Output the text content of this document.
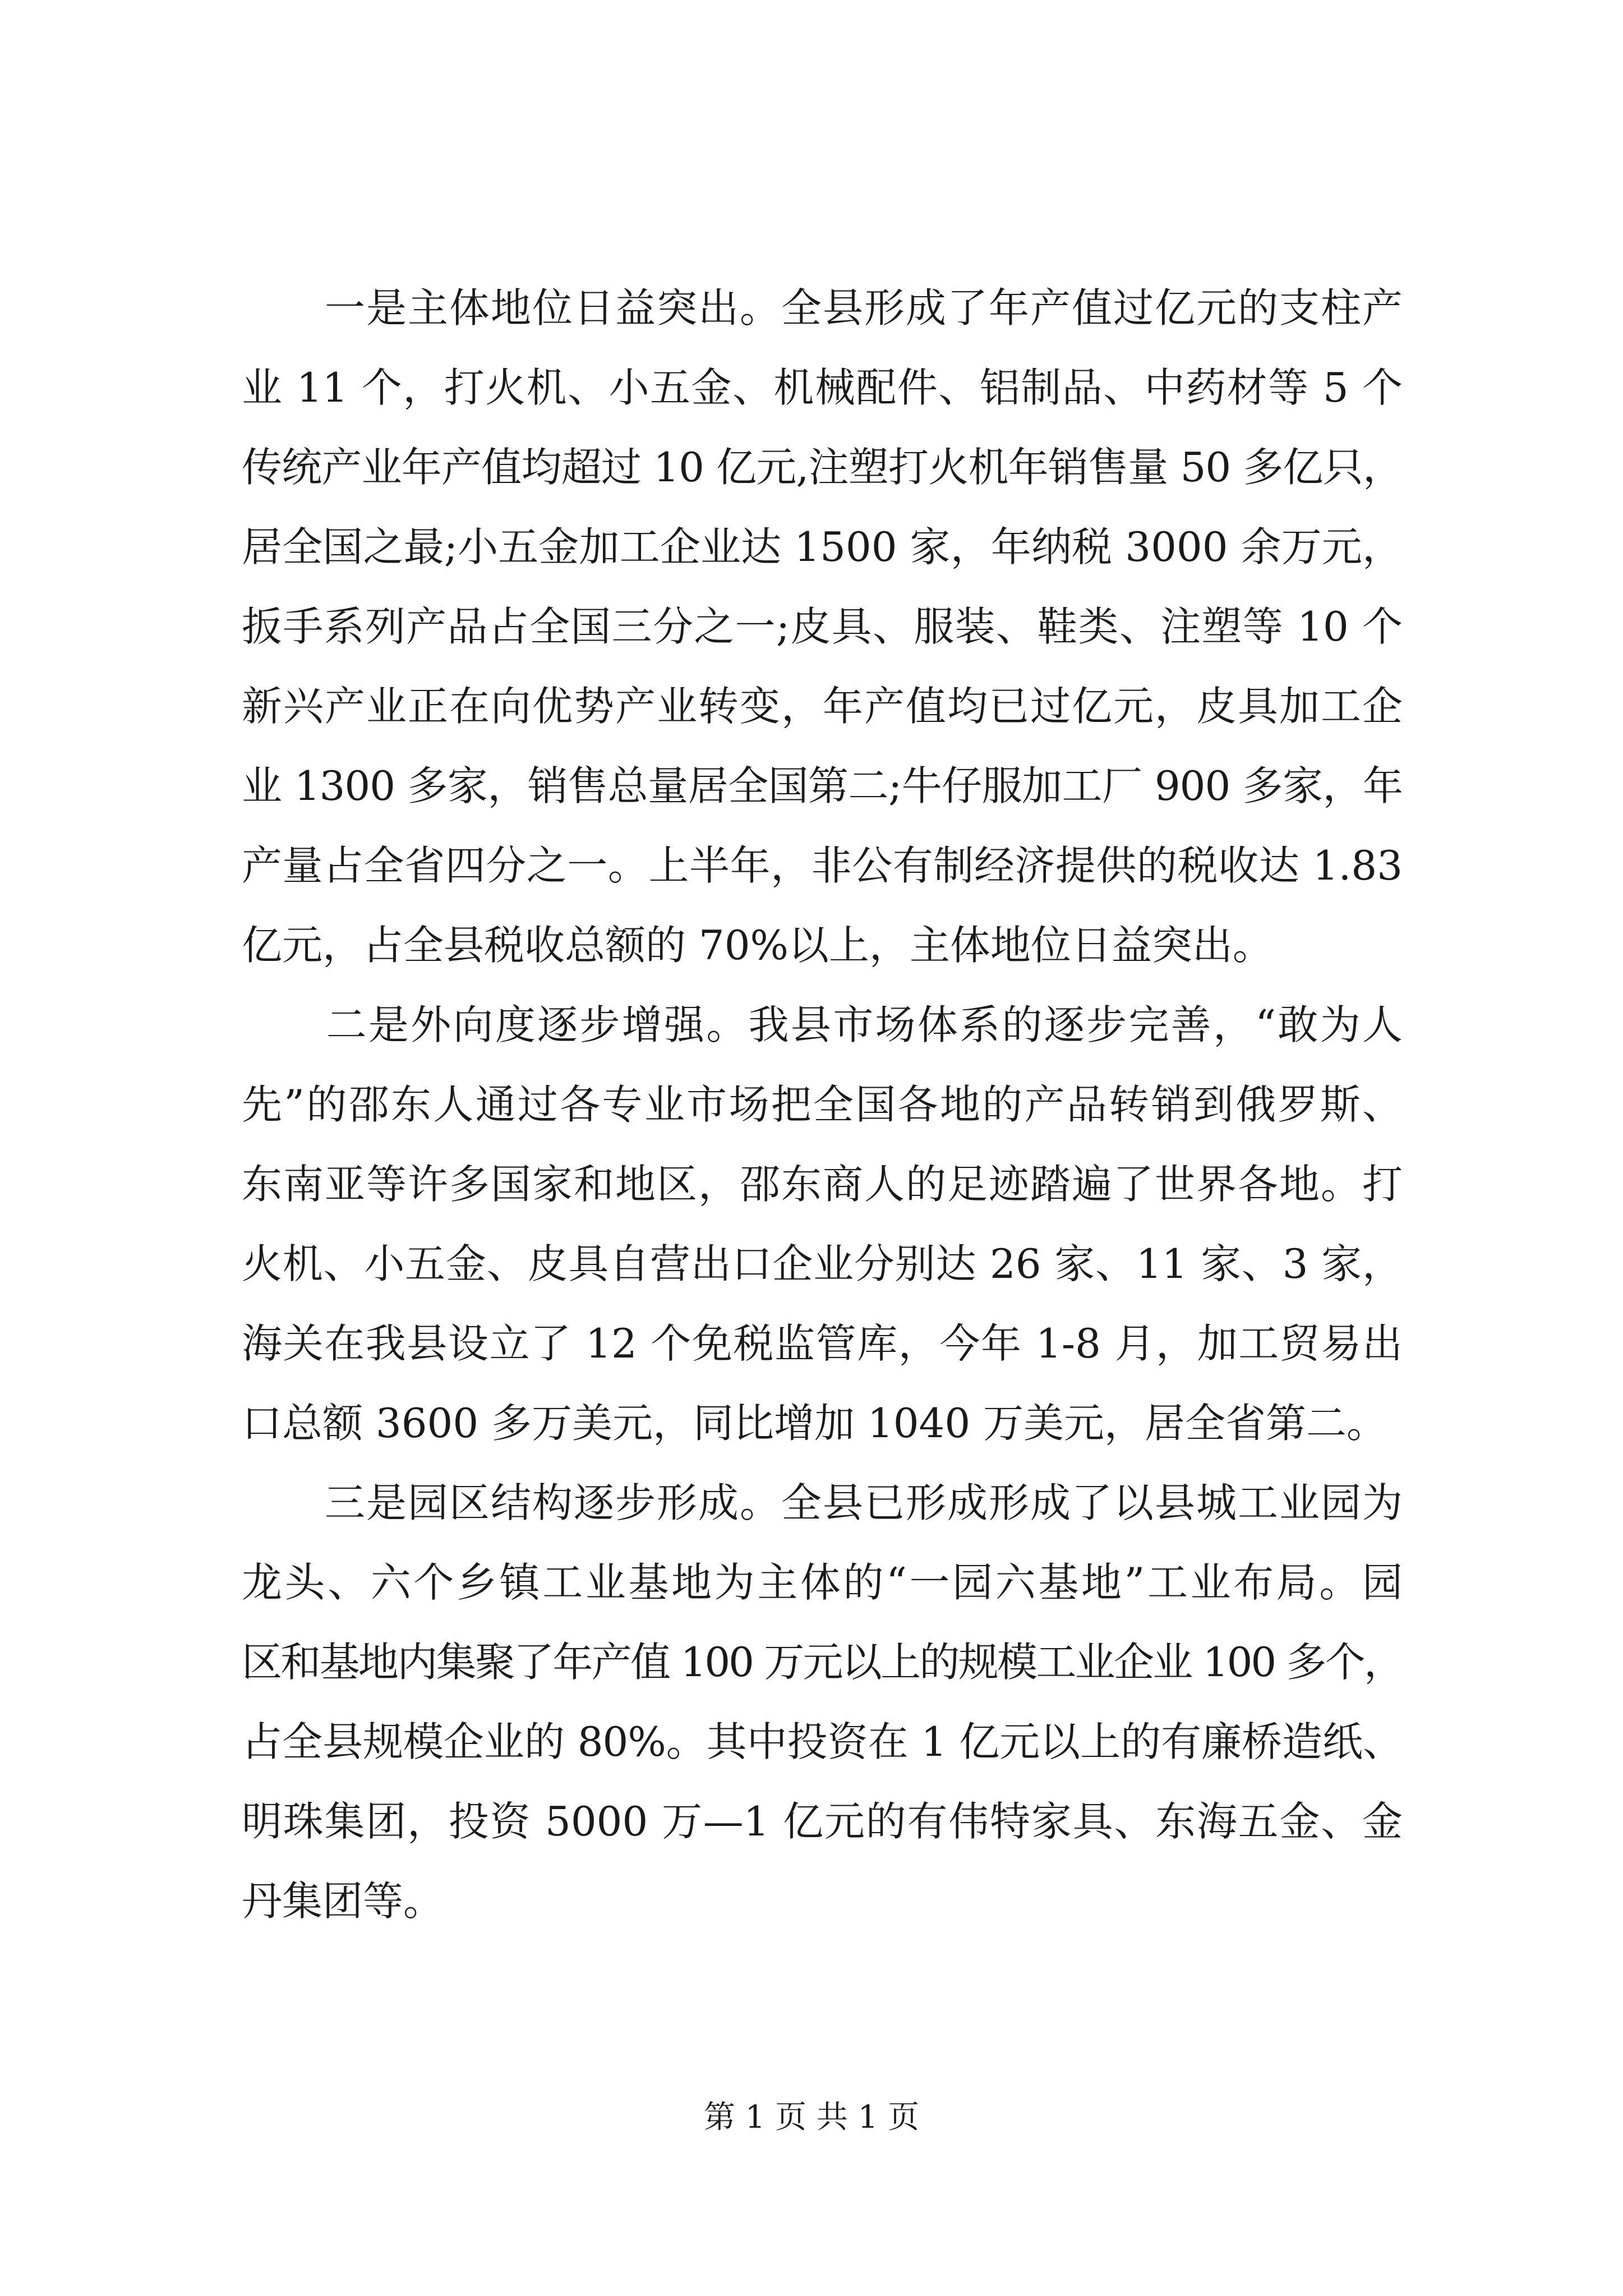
　　一是主体地位日益突出。全县形成了年产值过亿元的支柱产
业 11 个，打火机、小五金、机械配件、铝制品、中药材等 5 个
传统产业年产值均超过 10 亿元,注塑打火机年销售量 50 多亿只，
居全国之最;小五金加工企业达 1500 家，年纳税 3000 余万元，
扳手系列产品占全国三分之一;皮具、服装、鞋类、注塑等 10 个
新兴产业正在向优势产业转变，年产值均已过亿元，皮具加工企
业 1300 多家，销售总量居全国第二;牛仔服加工厂 900 多家，年
产量占全省四分之一。上半年，非公有制经济提供的税收达 1.83
亿元，占全县税收总额的 70%以上，主体地位日益突出。
　　二是外向度逐步增强。我县市场体系的逐步完善，“敢为人
先”的邵东人通过各专业市场把全国各地的产品转销到俄罗斯、
东南亚等许多国家和地区，邵东商人的足迹踏遍了世界各地。打
火机、小五金、皮具自营出口企业分别达 26 家、11 家、3 家，
海关在我县设立了 12 个免税监管库，今年 1-8 月，加工贸易出
口总额 3600 多万美元，同比增加 1040 万美元，居全省第二。
　　三是园区结构逐步形成。全县已形成形成了以县城工业园为
龙头、六个乡镇工业基地为主体的“一园六基地”工业布局。园
区和基地内集聚了年产值 100 万元以上的规模工业企业 100 多个，
占全县规模企业的 80%。其中投资在 1 亿元以上的有廉桥造纸、
明珠集团，投资 5000 万—1 亿元的有伟特家具、东海五金、金
丹集团等。
第 1 页 共 1 页
